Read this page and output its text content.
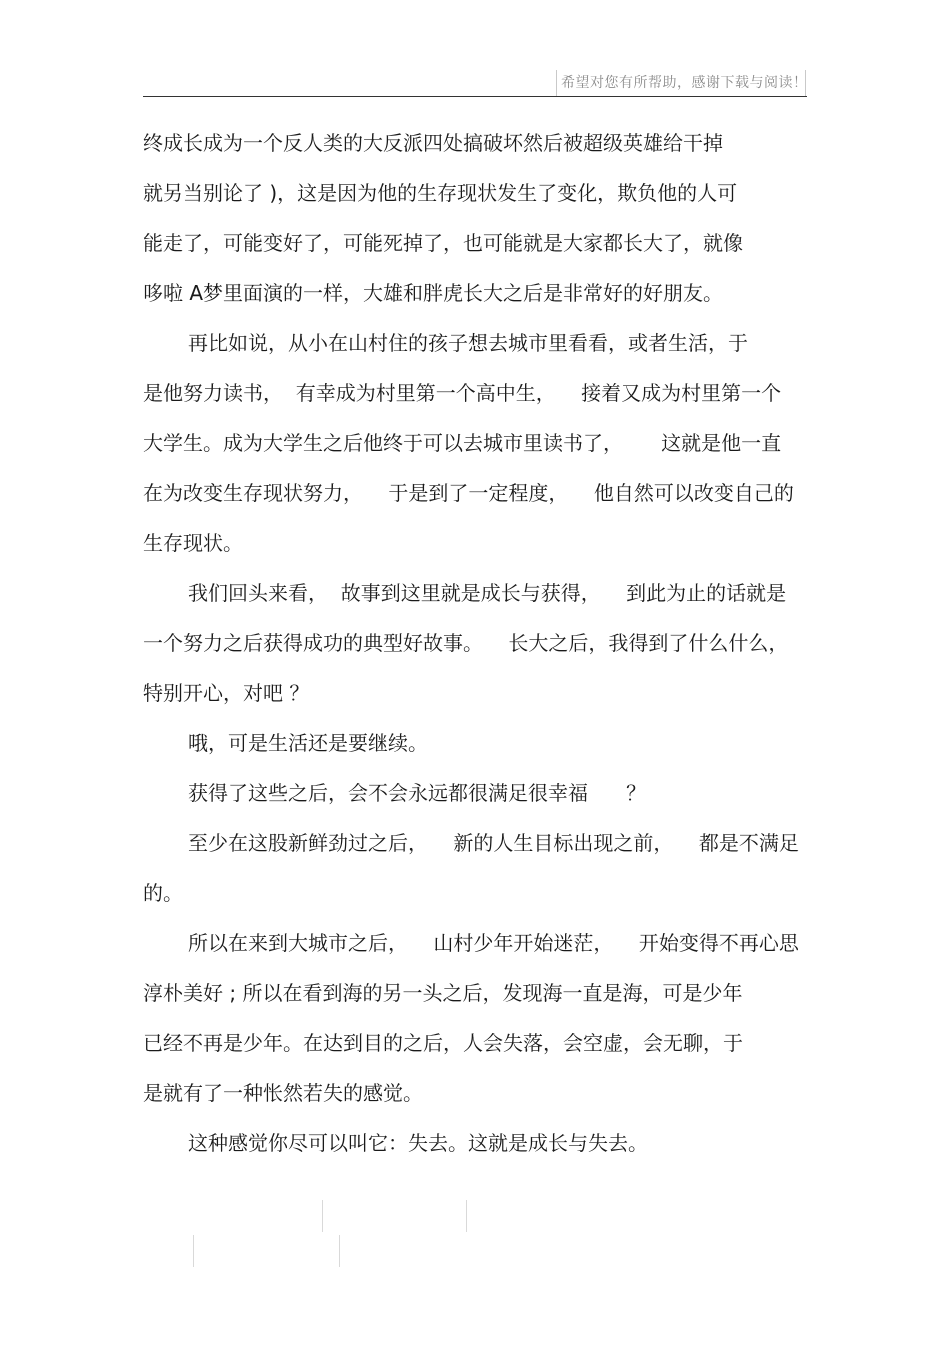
希望对您有所帮助，感谢下载与阅读！
终成长成为一个反人类的大反派四处搞破坏然后被超级英雄给干掉
就另当别论了 )，这是因为他的生存现状发生了变化，欺负他的人可
能走了，可能变好了，可能死掉了，也可能就是大家都长大了，就像
哆啦 A梦里面演的一样，大雄和胖虎长大之后是非常好的好朋友。
再比如说，从小在山村住的孩子想去城市里看看，或者生活，于
是他努力读书，  有幸成为村里第一个高中生，    接着又成为村里第一个
大学生。成为大学生之后他终于可以去城市里读书了，      这就是他一直
在为改变生存现状努力，    于是到了一定程度，    他自然可以改变自己的
生存现状。
我们回头来看，  故事到这里就是成长与获得，    到此为止的话就是
一个努力之后获得成功的典型好故事。    长大之后，我得到了什么什么，
特别开心，对吧 ？
哦，可是生活还是要继续。
获得了这些之后，会不会永远都很满足很幸福      ？
至少在这股新鲜劲过之后，    新的人生目标出现之前，    都是不满足
的。
所以在来到大城市之后，    山村少年开始迷茫，    开始变得不再心思
淳朴美好 ; 所以在看到海的另一头之后，发现海一直是海，可是少年
已经不再是少年。在达到目的之后，人会失落，会空虚，会无聊，于
是就有了一种怅然若失的感觉。
这种感觉你尽可以叫它：失去。这就是成长与失去。
